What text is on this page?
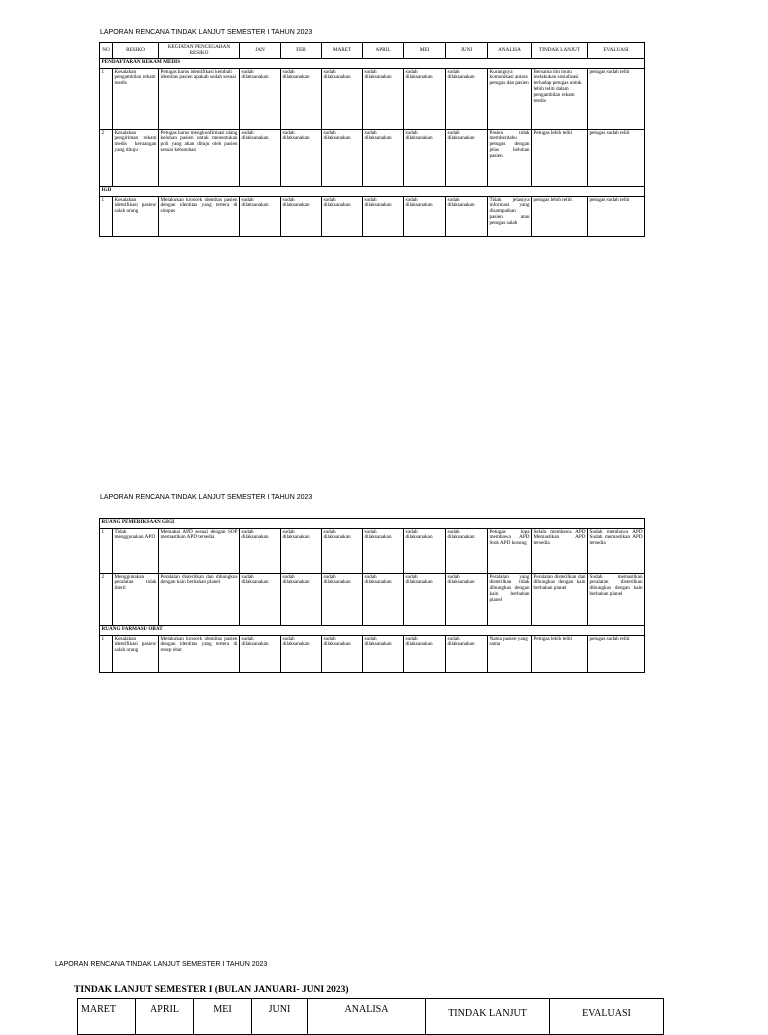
LAPORAN RENCANA TINDAK LANJUT SEMESTER I TAHUN 2023
NO	RESIKO	KEGIATAN PENCEGAHAN RESIKO	JAN	FEB	MARET	APRIL	MEI	JUNI	ANALISA	TINDAK LANJUT	EVALUASI
PENDAFTARAN REKAM MEDIS											
1	Kesalahan pengambilan rekam medis	Petugas harus identifikasi kembali identitas pasien apakah sudah sesuai	sudah dilaksanakan	sudah dilaksanakan	sudah dilaksanakan	sudah dilaksanakan	sudah dilaksanakan	sudah dilaksanakan	Kurangnya komunikasi antara petugas dan pasien	Bersama tim mutu melakukan sosialisasi terhadap petugas untuk lebih teliti dalam pengambilan rekam medis	petugas sudah teliti
2	Kesalahan pengiriman rekam medis keruangan yang dituju	Petugas harus mengkonfirmasi ulang keluhan pasien untuk menentukan poli yang akan dituju oleh pasien sesuai kebutuhan	sudah dilaksanakan	sudah dilaksanakan	sudah dilaksanakan	sudah dilaksanakan	sudah dilaksanakan	sudah dilaksanakan	Pasien tidak memberitahu petugas dengan jelas keluhan pasien	Petugas lebih teliti	petugas sudah teliti
IGD											
1	Kesalahan identifikasi pasien/ salah orang	Melakukan kroscek identitas pasien dengan identitas yang tertera di simpus	sudah dilaksanakan	sudah dilaksanakan	sudah dilaksanakan	sudah dilaksanakan	sudah dilaksanakan	sudah dilaksanakan	Tidak jelasnya informasi yang disampaikan pasien atau petugas salah	petugas lebih teliti	petugas sudah teliti
LAPORAN RENCANA TINDAK LANJUT SEMESTER I TAHUN 2023
RUANG PEMERIKSAAN GIGI											
1	Tidak menggunakan APD	Memakai APD sesuai dengan SOP memastikan APD tersedia	sudah dilaksanakan	sudah dilaksanakan	sudah dilaksanakan	sudah dilaksanakan	sudah dilaksanakan	sudah dilaksanakan	Petugas lupa membawa APD Stok APD kosong	Selalu membawa APD Memastikan APD tersedia	Sudah membawa APD Sudah memastikan APD tersedia
2	Menggunakan peralatan tidak Steril	Peralatan disterilkan dan dibungkus dengan kain berbahan planel	sudah dilaksanakan	sudah dilaksanakan	sudah dilaksanakan	sudah dilaksanakan	sudah dilaksanakan	sudah dilaksanakan	Peralatan yang disterilkan tidak dibungkus dengan kain berbahan planel	Peralatan disterilkan dan dibungkus dengan kain berbahan planel	Sudah memastikan peralatan disterilkan dibungkus dengan kain berbahan planel
RUANG FARMASI/ OBAT											
1	Kesalahan identifikasi pasien/ salah orang	Melakukan kroscek identitas pasien dengan identitas yang tertera di resep obat	sudah dilaksanakan	sudah dilaksanakan	sudah dilaksanakan	sudah dilaksanakan	sudah dilaksanakan	sudah dilaksanakan	Nama pasien yang sama	Petugas lebih teliti	petugas sudah teliti
LAPORAN RENCANA TINDAK LANJUT SEMESTER I TAHUN 2023
TINDAK LANJUT SEMESTER I (BULAN JANUARI- JUNI 2023)
MARET	APRIL	MEI	JUNI	ANALISA	TINDAK LANJUT	EVALUASI
